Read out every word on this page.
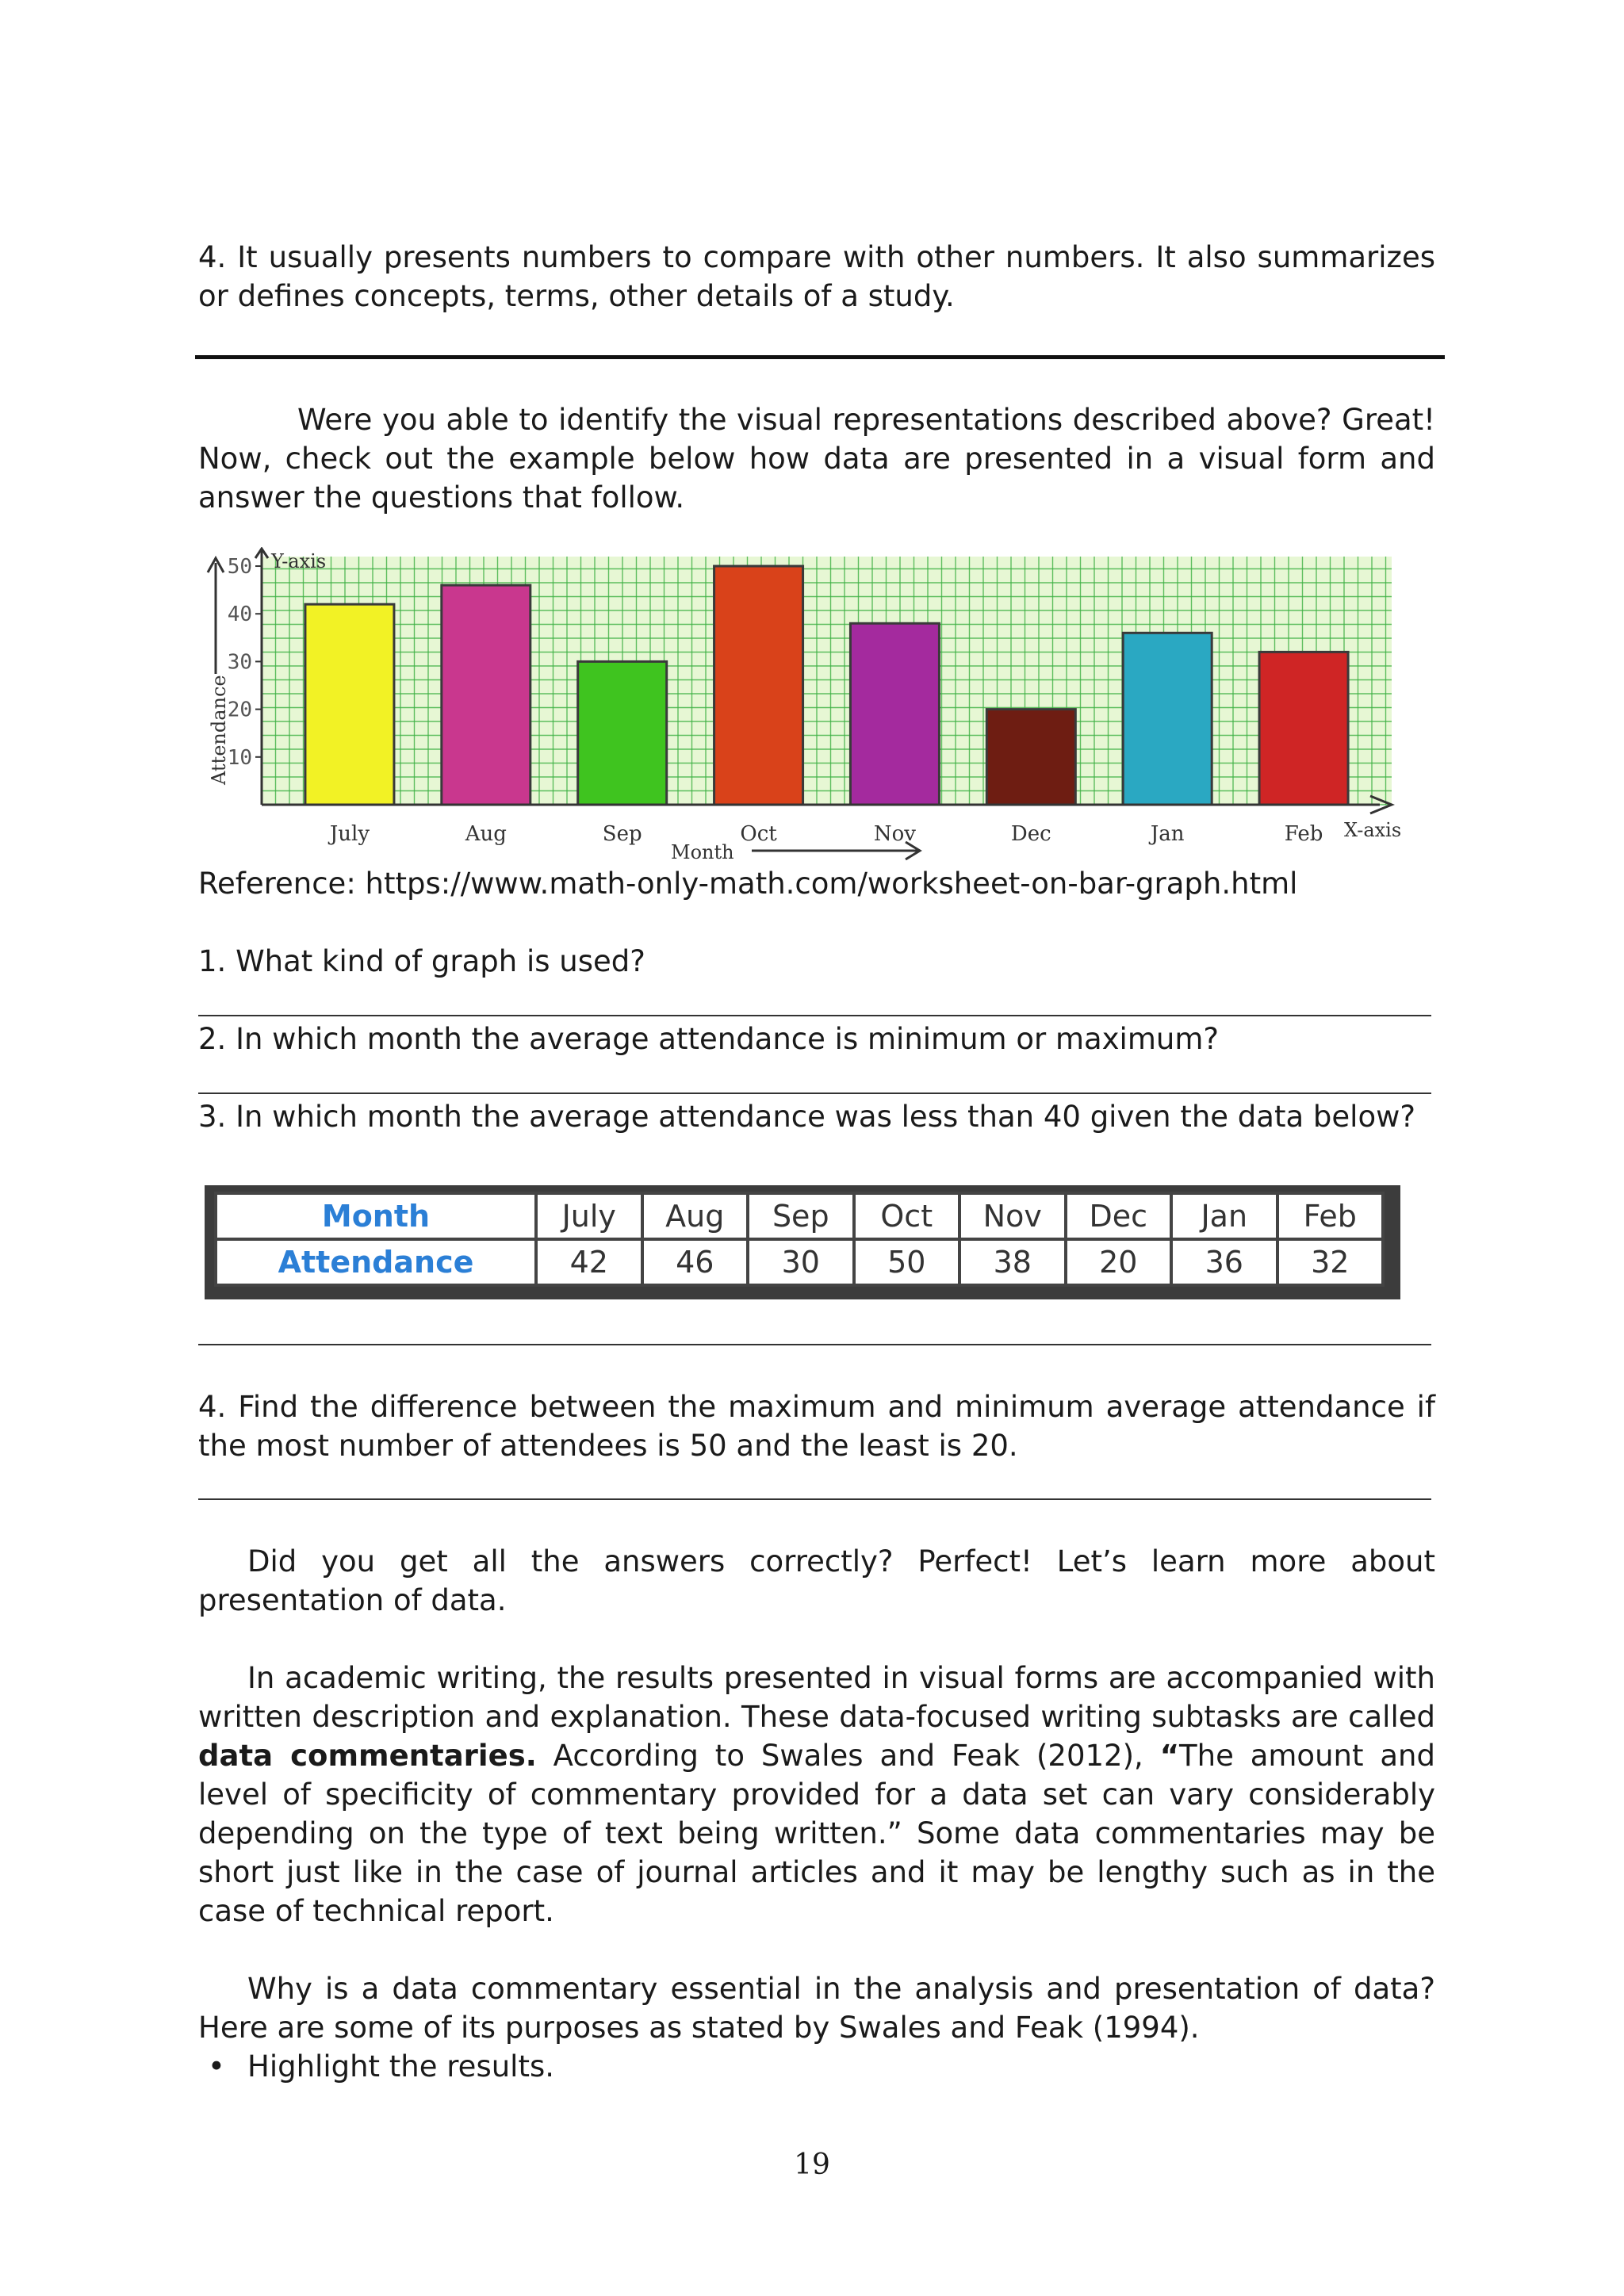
4. It usually presents numbers to compare with other numbers. It also summarizes or defines concepts, terms, other details of a study.

Were you able to identify the visual representations described above? Great! Now, check out the example below how data are presented in a visual form and answer the questions that follow.

July	Aug	Sep	Oct	Nov	Dec	Jan	Feb
50
40
30
20
10
Y-axis
X-axis
Attendance
Month

Reference: https://www.math-only-math.com/worksheet-on-bar-graph.html

1. What kind of graph is used?

2. In which month the average attendance is minimum or maximum?

3. In which month the average attendance was less than 40 given the data below?

Month	July	Aug	Sep	Oct	Nov	Dec	Jan	Feb
Attendance	42	46	30	50	38	20	36	32

4. Find the difference between the maximum and minimum average attendance if the most number of attendees is 50 and the least is 20.

Did you get all the answers correctly? Perfect! Let’s learn more about presentation of data.

In academic writing, the results presented in visual forms are accompanied with written description and explanation. These data-focused writing subtasks are called data commentaries. According to Swales and Feak (2012), “The amount and level of specificity of commentary provided for a data set can vary considerably depending on the type of text being written.” Some data commentaries may be short just like in the case of journal articles and it may be lengthy such as in the case of technical report.

Why is a data commentary essential in the analysis and presentation of data? Here are some of its purposes as stated by Swales and Feak (1994).

• Highlight the results.
19
